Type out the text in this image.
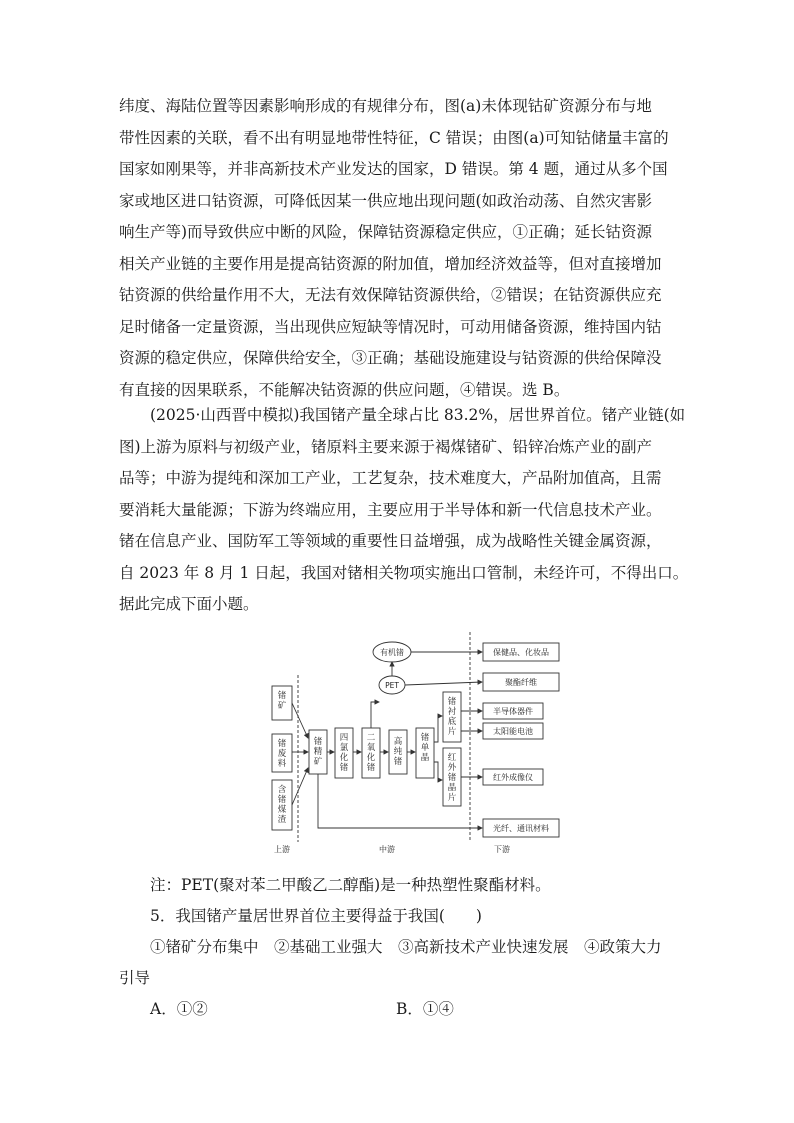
纬度、海陆位置等因素影响形成的有规律分布，图(a)未体现钴矿资源分布与地
带性因素的关联，看不出有明显地带性特征，C 错误；由图(a)可知钴储量丰富的
国家如刚果等，并非高新技术产业发达的国家，D 错误。第 4 题，通过从多个国
家或地区进口钴资源，可降低因某一供应地出现问题(如政治动荡、自然灾害影
响生产等)而导致供应中断的风险，保障钴资源稳定供应，①正确；延长钴资源
相关产业链的主要作用是提高钴资源的附加值，增加经济效益等，但对直接增加
钴资源的供给量作用不大，无法有效保障钴资源供给，②错误；在钴资源供应充
足时储备一定量资源，当出现供应短缺等情况时，可动用储备资源，维持国内钴
资源的稳定供应，保障供给安全，③正确；基础设施建设与钴资源的供给保障没
有直接的因果联系，不能解决钴资源的供应问题，④错误。选 B。
(2025·山西晋中模拟)我国锗产量全球占比 83.2%，居世界首位。锗产业链(如
图)上游为原料与初级产业，锗原料主要来源于褐煤锗矿、铅锌冶炼产业的副产
品等；中游为提纯和深加工产业，工艺复杂，技术难度大，产品附加值高，且需
要消耗大量能源；下游为终端应用，主要应用于半导体和新一代信息技术产业。
锗在信息产业、国防军工等领域的重要性日益增强，成为战略性关键金属资源，
自 2023 年 8 月 1 日起，我国对锗相关物项实施出口管制，未经许可，不得出口。
据此完成下面小题。
锗矿
锗废料
含锗煤渣
锗精矿
四氯化锗
二氧化锗
高纯锗
锗单晶
锗衬底片
红外锗晶片
有机锗
PET
保健品、化妆品
聚酯纤维
半导体器件
太阳能电池
红外成像仪
光纤、通讯材料
上游	中游	下游
注：PET(聚对苯二甲酸乙二醇酯)是一种热塑性聚酯材料。
5．我国锗产量居世界首位主要得益于我国(　　)
①锗矿分布集中　②基础工业强大　③高新技术产业快速发展　④政策大力
引导
A．①②	B．①④
